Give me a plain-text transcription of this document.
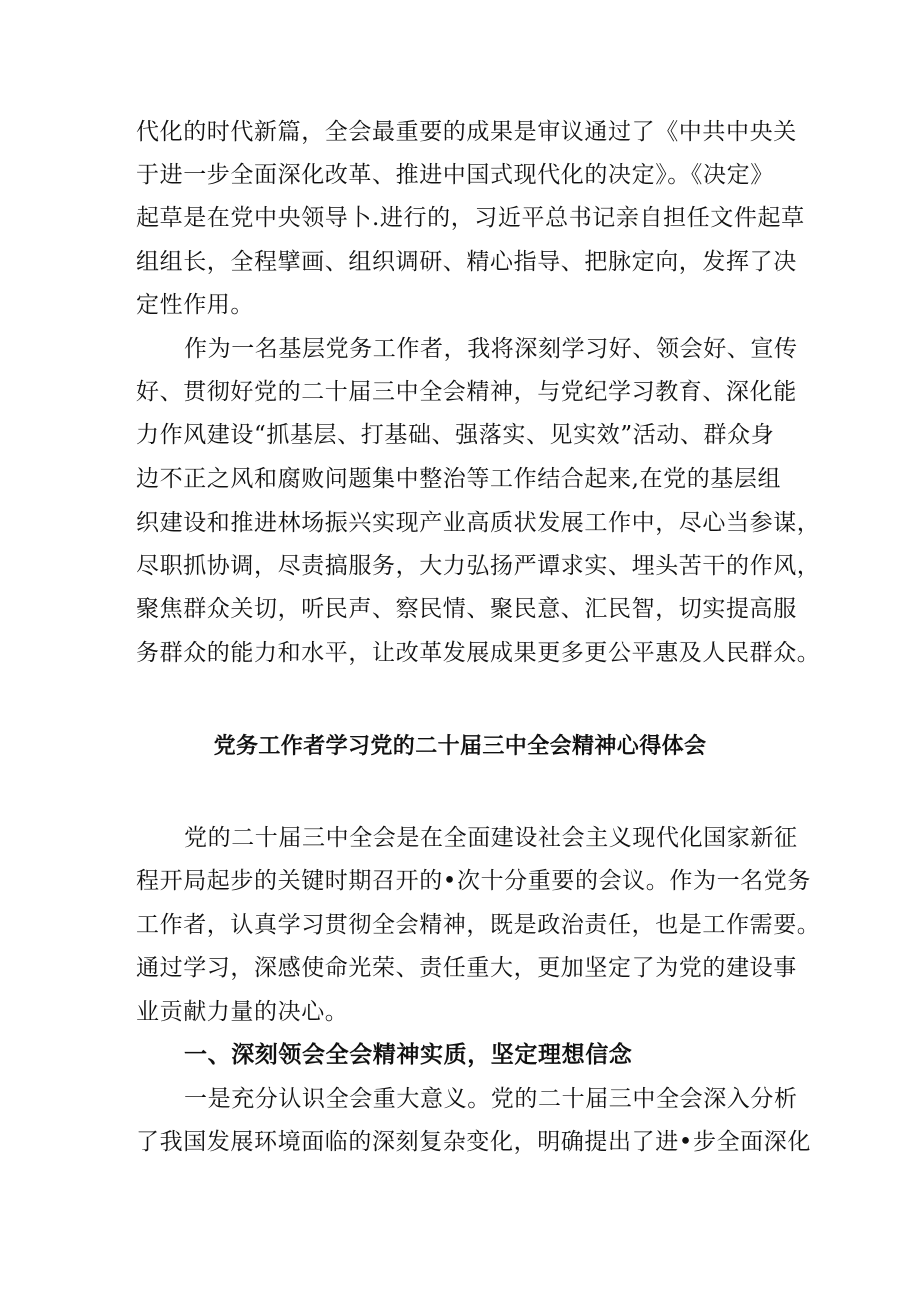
代化的时代新篇，全会最重要的成果是审议通过了《中共中央关
于进一步全面深化改革、推进中国式现代化的决定》。《决定》
起草是在党中央领导卜.进行的，习近平总书记亲自担任文件起草
组组长，全程擘画、组织调研、精心指导、把脉定向，发挥了决
定性作用。
作为一名基层党务工作者，我将深刻学习好、领会好、宣传
好、贯彻好党的二十届三中全会精神，与党纪学习教育、深化能
力作风建设“抓基层、打基础、强落实、见实效”活动、群众身
边不正之风和腐败问题集中整治等工作结合起来,在党的基层组
织建设和推进林场振兴实现产业高质状发展工作中，尽心当参谋，
尽职抓协调，尽责搞服务，大力弘扬严谭求实、埋头苦干的作风，
聚焦群众关切，听民声、察民情、聚民意、汇民智，切实提高服
务群众的能力和水平，让改革发展成果更多更公平惠及人民群众。
党务工作者学习党的二十届三中全会精神心得体会
党的二十届三中全会是在全面建设社会主义现代化国家新征
程开局起步的关键时期召开的•次十分重要的会议。作为一名党务
工作者，认真学习贯彻全会精神，既是政治责任，也是工作需要。
通过学习，深感使命光荣、责任重大，更加坚定了为党的建设事
业贡献力量的决心。
一、深刻领会全会精神实质，坚定理想信念
一是充分认识全会重大意义。党的二十届三中全会深入分析
了我国发展环境面临的深刻复杂变化，明确提出了进•步全面深化
